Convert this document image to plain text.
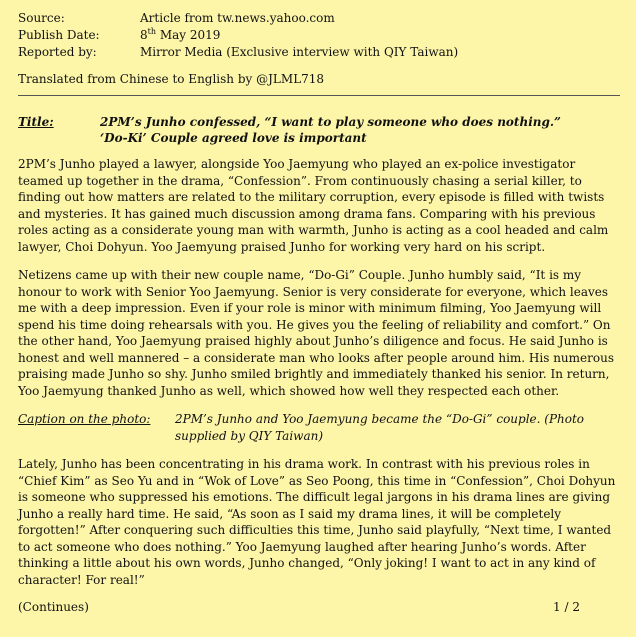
Source:	Article from tw.news.yahoo.com
Publish Date:	8th May 2019
Reported by:	Mirror Media (Exclusive interview with QIY Taiwan)
Translated from Chinese to English by @JLML718
Title:	2PM’s Junho confessed, “I want to play someone who does nothing.”
‘Do-Ki’ Couple agreed love is important

2PM’s Junho played a lawyer, alongside Yoo Jaemyung who played an ex-police investigator teamed up together in the drama, “Confession”. From continuously chasing a serial killer, to finding out how matters are related to the military corruption, every episode is filled with twists and mysteries. It has gained much discussion among drama fans. Comparing with his previous roles acting as a considerate young man with warmth, Junho is acting as a cool headed and calm lawyer, Choi Dohyun. Yoo Jaemyung praised Junho for working very hard on his script.

Netizens came up with their new couple name, “Do-Gi” Couple. Junho humbly said, “It is my honour to work with Senior Yoo Jaemyung. Senior is very considerate for everyone, which leaves me with a deep impression. Even if your role is minor with minimum filming, Yoo Jaemyung will spend his time doing rehearsals with you. He gives you the feeling of reliability and comfort.” On the other hand, Yoo Jaemyung praised highly about Junho’s diligence and focus. He said Junho is honest and well mannered – a considerate man who looks after people around him. His numerous praising made Junho so shy. Junho smiled brightly and immediately thanked his senior. In return, Yoo Jaemyung thanked Junho as well, which showed how well they respected each other.

Caption on the photo:	2PM’s Junho and Yoo Jaemyung became the “Do-Gi” couple. (Photo supplied by QIY Taiwan)

Lately, Junho has been concentrating in his drama work. In contrast with his previous roles in “Chief Kim” as Seo Yu and in “Wok of Love” as Seo Poong, this time in “Confession”, Choi Dohyun is someone who suppressed his emotions. The difficult legal jargons in his drama lines are giving Junho a really hard time. He said, “As soon as I said my drama lines, it will be completely forgotten!” After conquering such difficulties this time, Junho said playfully, “Next time, I wanted to act someone who does nothing.” Yoo Jaemyung laughed after hearing Junho’s words. After thinking a little about his own words, Junho changed, “Only joking! I want to act in any kind of character! For real!”

(Continues)	1 / 2
